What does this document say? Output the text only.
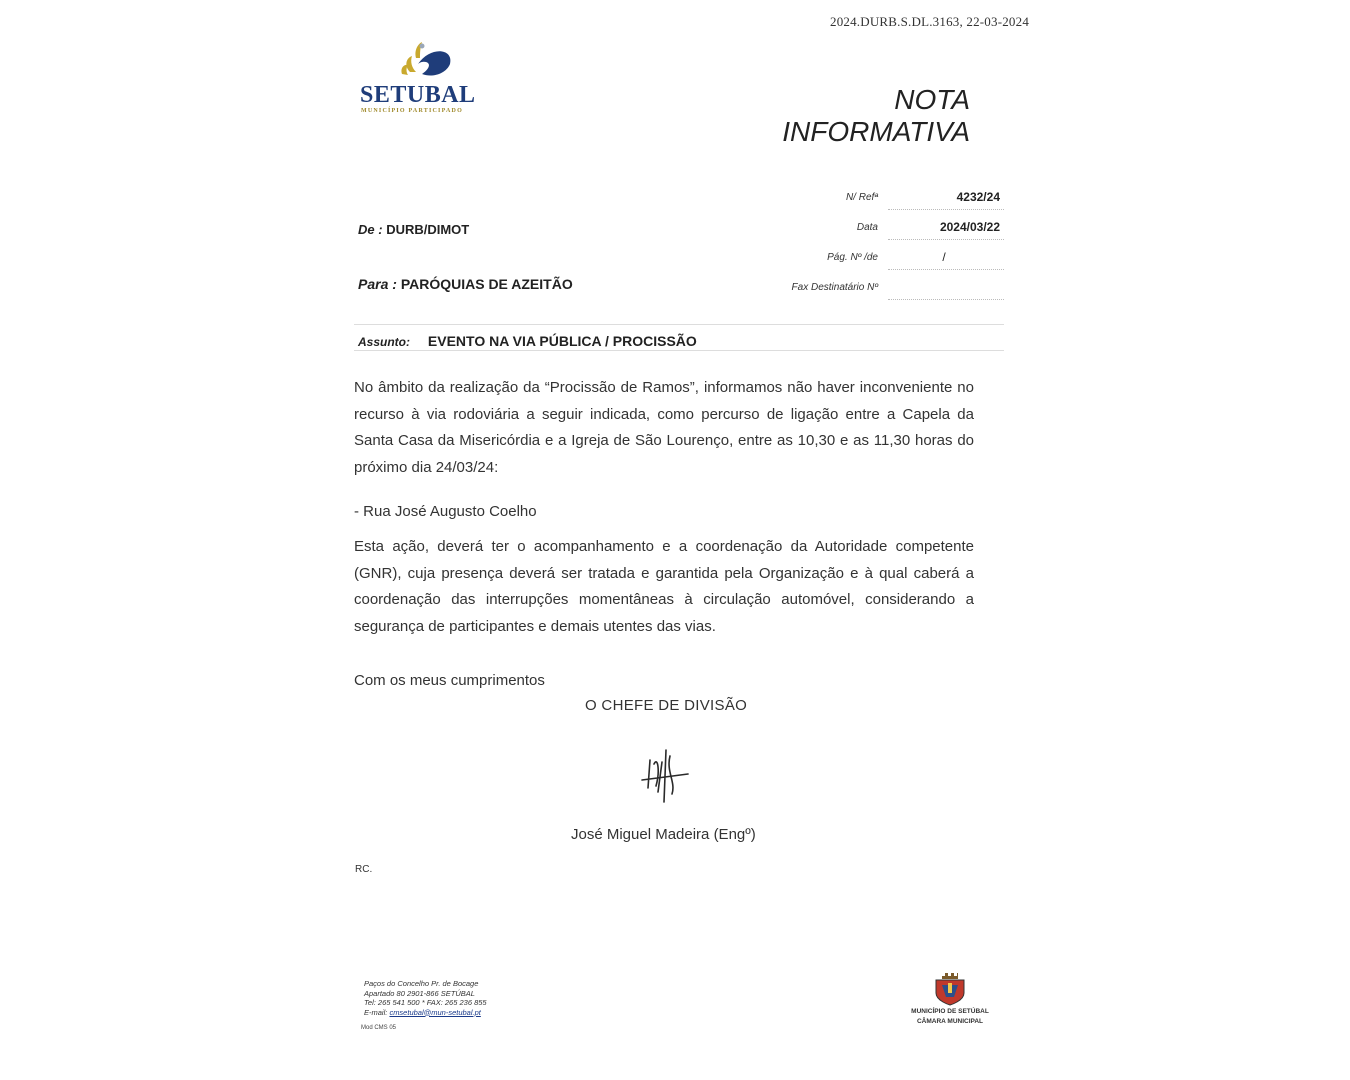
2024.DURB.S.DL.3163, 22-03-2024
SETUBAL
MUNICÍPIO PARTICIPADO	NOTA
INFORMATIVA
N/ Refª	4232/24
Data	2024/03/22
Pág. Nº /de	/
Fax Destinatário Nº
De : DURB/DIMOT
Para : PARÓQUIAS DE AZEITÃO
Assunto: EVENTO NA VIA PÚBLICA / PROCISSÃO
No âmbito da realização da “Procissão de Ramos”, informamos não haver inconveniente no recurso à via rodoviária a seguir indicada, como percurso de ligação entre a Capela da Santa Casa da Misericórdia e a Igreja de São Lourenço, entre as 10,30 e as 11,30 horas do próximo dia 24/03/24:
- Rua José Augusto Coelho
Esta ação, deverá ter o acompanhamento e a coordenação da Autoridade competente (GNR), cuja presença deverá ser tratada e garantida pela Organização e à qual caberá a coordenação das interrupções momentâneas à circulação automóvel, considerando a segurança de participantes e demais utentes das vias.
Com os meus cumprimentos
O CHEFE DE DIVISÃO
José Miguel Madeira (Engº)
RC.
Paços do Concelho Pr. de Bocage
Apartado 80 2901-866 SETÚBAL
Tel: 265 541 500 * FAX: 265 236 855
E-mail: cmsetubal@mun-setubal.pt
Mod CMS 05
MUNICÍPIO DE SETÚBAL
CÂMARA MUNICIPAL
